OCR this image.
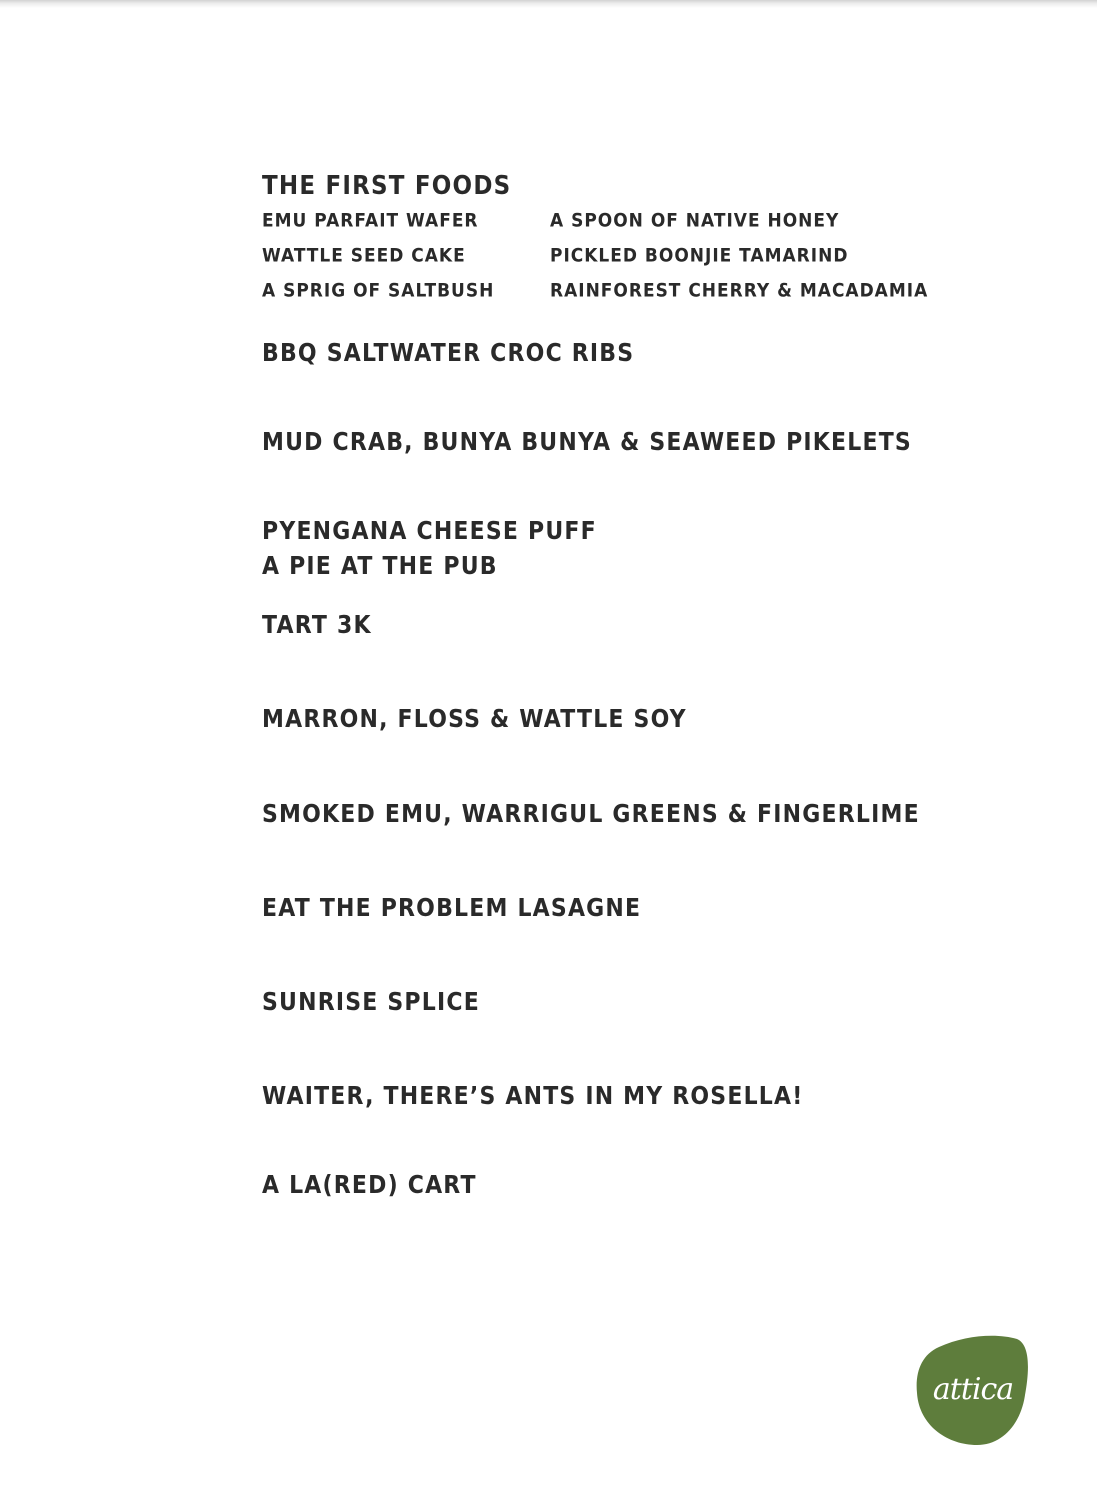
THE FIRST FOODS
EMU PARFAIT WAFER
WATTLE SEED CAKE
A SPRIG OF SALTBUSH
A SPOON OF NATIVE HONEY
PICKLED BOONJIE TAMARIND
RAINFOREST CHERRY & MACADAMIA
BBQ SALTWATER CROC RIBS
MUD CRAB, BUNYA BUNYA & SEAWEED PIKELETS
PYENGANA CHEESE PUFF
A PIE AT THE PUB
TART 3K
MARRON, FLOSS & WATTLE SOY
SMOKED EMU, WARRIGUL GREENS & FINGERLIME
EAT THE PROBLEM LASAGNE
SUNRISE SPLICE
WAITER, THERE’S ANTS IN MY ROSELLA!
A LA(RED) CART
attica
